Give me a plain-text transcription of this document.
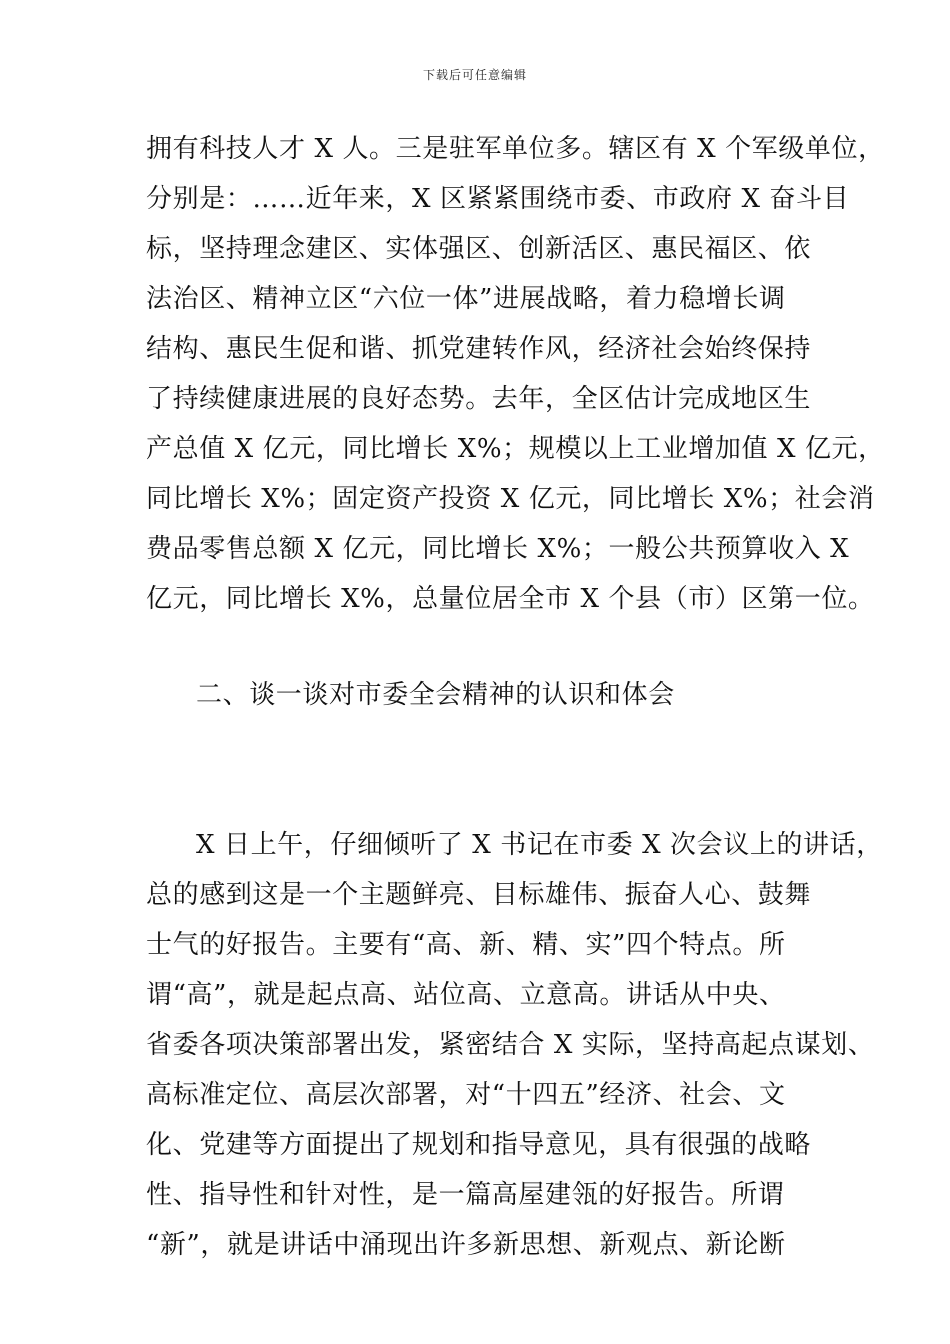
下载后可任意编辑
拥有科技人才 X 人。三是驻军单位多。辖区有 X 个军级单位，
分别是：……近年来，X 区紧紧围绕市委、市政府 X 奋斗目
标，坚持理念建区、实体强区、创新活区、惠民福区、依
法治区、精神立区“六位一体”进展战略，着力稳增长调
结构、惠民生促和谐、抓党建转作风，经济社会始终保持
了持续健康进展的良好态势。去年，全区估计完成地区生
产总值 X 亿元，同比增长 X%；规模以上工业增加值 X 亿元，
同比增长 X%；固定资产投资 X 亿元，同比增长 X%；社会消
费品零售总额 X 亿元，同比增长 X%；一般公共预算收入 X
亿元，同比增长 X%，总量位居全市 X 个县（市）区第一位。
二、谈一谈对市委全会精神的认识和体会
X 日上午，仔细倾听了 X 书记在市委 X 次会议上的讲话，
总的感到这是一个主题鲜亮、目标雄伟、振奋人心、鼓舞
士气的好报告。主要有“高、新、精、实”四个特点。所
谓“高”，就是起点高、站位高、立意高。讲话从中央、
省委各项决策部署出发，紧密结合 X 实际，坚持高起点谋划、
高标准定位、高层次部署，对“十四五”经济、社会、文
化、党建等方面提出了规划和指导意见，具有很强的战略
性、指导性和针对性，是一篇高屋建瓴的好报告。所谓
“新”，就是讲话中涌现出许多新思想、新观点、新论断
